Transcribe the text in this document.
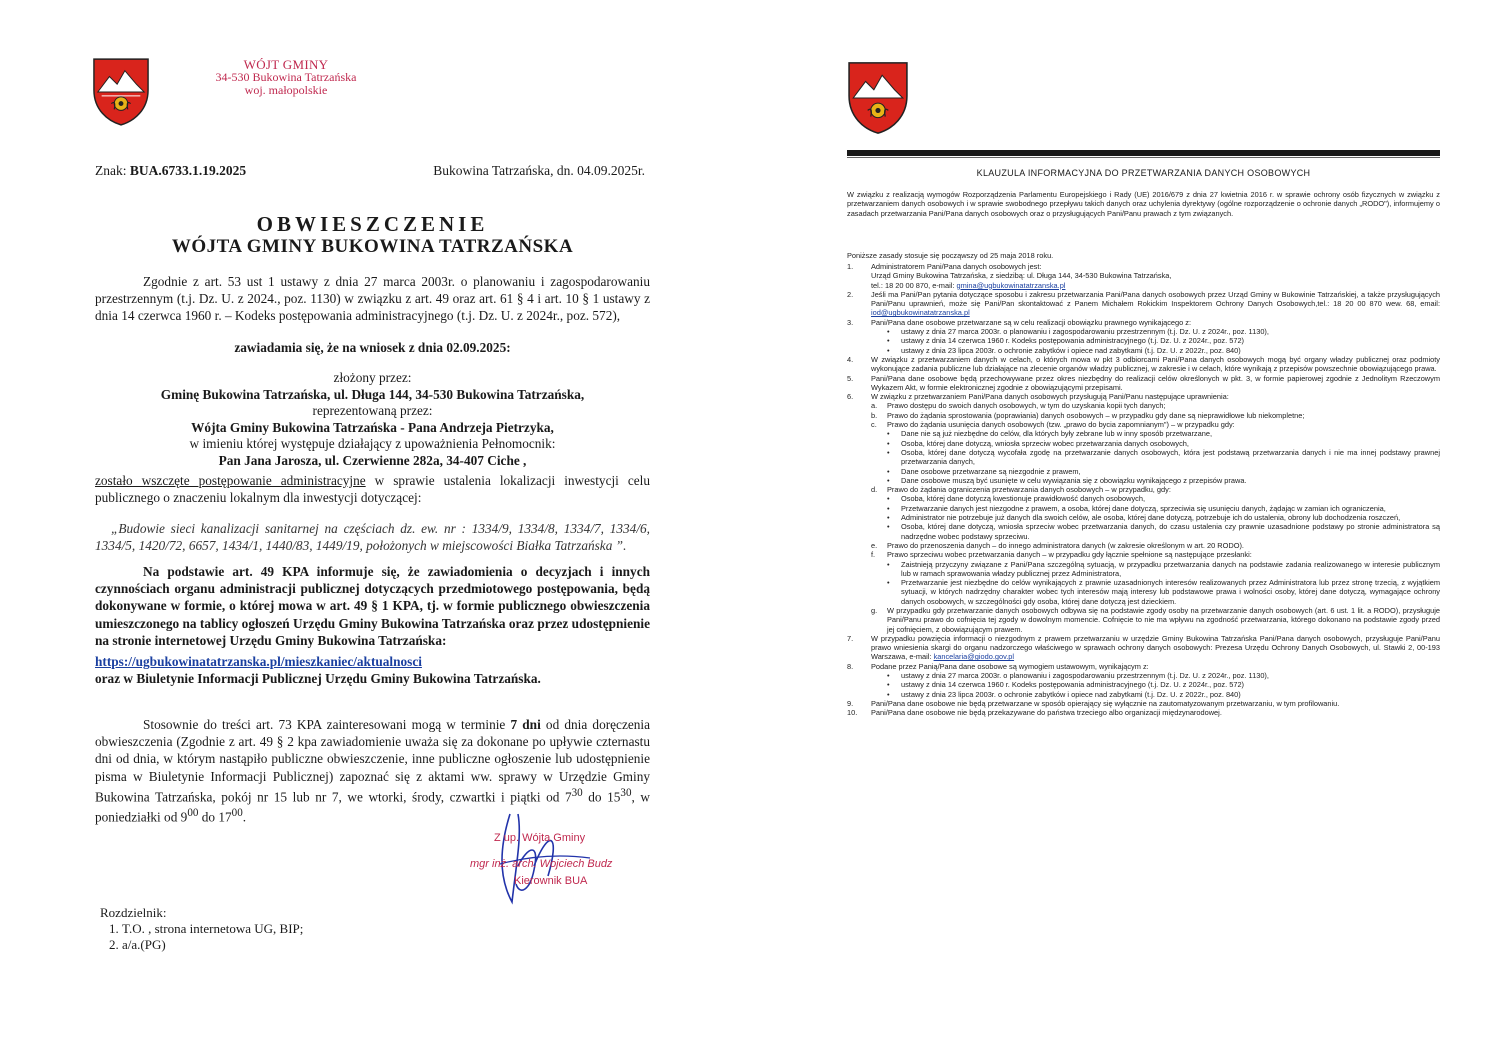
WÓJT GMINY
34-530 Bukowina Tatrzańska
woj. małopolskie
Znak: BUA.6733.1.19.2025	Bukowina Tatrzańska, dn. 04.09.2025r.
OBWIESZCZENIE
WÓJTA GMINY BUKOWINA TATRZAŃSKA
Zgodnie z art. 53 ust 1 ustawy z dnia 27 marca 2003r. o planowaniu i zagospodarowaniu przestrzennym (t.j. Dz. U. z 2024., poz. 1130) w związku z art. 49 oraz art. 61 § 4 i art. 10 § 1 ustawy z dnia 14 czerwca 1960 r. – Kodeks postępowania administracyjnego (t.j. Dz. U. z 2024r., poz. 572),
zawiadamia się, że na wniosek z dnia 02.09.2025:
złożony przez:
Gminę Bukowina Tatrzańska, ul. Długa 144, 34-530 Bukowina Tatrzańska,
reprezentowaną przez:
Wójta Gminy Bukowina Tatrzańska - Pana Andrzeja Pietrzyka,
w imieniu której występuje działający z upoważnienia Pełnomocnik:
Pan Jana Jarosza, ul. Czerwienne 282a, 34-407 Ciche ,
zostało wszczęte postępowanie administracyjne w sprawie ustalenia lokalizacji inwestycji celu publicznego o znaczeniu lokalnym dla inwestycji dotyczącej:
„Budowie sieci kanalizacji sanitarnej na częściach dz. ew. nr : 1334/9, 1334/8, 1334/7, 1334/6, 1334/5, 1420/72, 6657, 1434/1, 1440/83, 1449/19, położonych w miejscowości Białka Tatrzańska ”.
Na podstawie art. 49 KPA informuje się, że zawiadomienia o decyzjach i innych czynnościach organu administracji publicznej dotyczących przedmiotowego postępowania, będą dokonywane w formie, o której mowa w art. 49 § 1 KPA, tj. w formie publicznego obwieszczenia umieszczonego na tablicy ogłoszeń Urzędu Gminy Bukowina Tatrzańska oraz przez udostępnienie na stronie internetowej Urzędu Gminy Bukowina Tatrzańska:
https://ugbukowinatatrzanska.pl/mieszkaniec/aktualnosci
oraz w Biuletynie Informacji Publicznej Urzędu Gminy Bukowina Tatrzańska.
Stosownie do treści art. 73 KPA zainteresowani mogą w terminie 7 dni od dnia doręczenia obwieszczenia (Zgodnie z art. 49 § 2 kpa zawiadomienie uważa się za dokonane po upływie czternastu dni od dnia, w którym nastąpiło publiczne obwieszczenie, inne publiczne ogłoszenie lub udostępnienie pisma w Biuletynie Informacji Publicznej) zapoznać się z aktami ww. sprawy w Urzędzie Gminy Bukowina Tatrzańska, pokój nr 15 lub nr 7, we wtorki, środy, czwartki i piątki od $7^{30}$ do $15^{30}$, w poniedziałki od $9^{00}$ do $17^{00}$.
Z up. Wójta Gminy
mgr inż. arch. Wojciech Budz
Kierownik BUA
Rozdzielnik:
1. T.O. , strona internetowa UG, BIP;
2. a/a.(PG)
KLAUZULA INFORMACYJNA DO PRZETWARZANIA DANYCH OSOBOWYCH
W związku z realizacją wymogów Rozporządzenia Parlamentu Europejskiego i Rady (UE) 2016/679 z dnia 27 kwietnia 2016 r. w sprawie ochrony osób fizycznych w związku z przetwarzaniem danych osobowych i w sprawie swobodnego przepływu takich danych oraz uchylenia dyrektywy (ogólne rozporządzenie o ochronie danych „RODO"), informujemy o zasadach przetwarzania Pani/Pana danych osobowych oraz o przysługujących Pani/Panu prawach z tym związanych.
Poniższe zasady stosuje się począwszy od 25 maja 2018 roku.
1.	Administratorem Pani/Pana danych osobowych jest:
Urząd Gminy Bukowina Tatrzańska, z siedzibą: ul. Długa 144, 34-530 Bukowina Tatrzańska,
tel.: 18 20 00 870, e-mail: gmina@ugbukowinatatrzanska.pl
2.	Jeśli ma Pani/Pan pytania dotyczące sposobu i zakresu przetwarzania Pani/Pana danych osobowych przez Urząd Gminy w Bukowinie Tatrzańskiej, a także przysługujących Pani/Panu uprawnień, może się Pani/Pan skontaktować z Panem Michałem Rokickim Inspektorem Ochrony Danych Osobowych,tel.: 18 20 00 870 wew. 68, email: iod@ugbukowinatatrzanska.pl
3.	Pani/Pana dane osobowe przetwarzane są w celu realizacji obowiązku prawnego wynikającego z:
•	ustawy z dnia 27 marca 2003r. o planowaniu i zagospodarowaniu przestrzennym (t.j. Dz. U. z 2024r., poz. 1130),
•	ustawy z dnia 14 czerwca 1960 r. Kodeks postępowania administracyjnego (t.j. Dz. U. z 2024r., poz. 572)
•	ustawy z dnia 23 lipca 2003r. o ochronie zabytków i opiece nad zabytkami (t.j. Dz. U. z 2022r., poz. 840)
4.	W związku z przetwarzaniem danych w celach, o których mowa w pkt 3 odbiorcami Pani/Pana danych osobowych mogą być organy władzy publicznej oraz podmioty wykonujące zadania publiczne lub działające na zlecenie organów władzy publicznej, w zakresie i w celach, które wynikają z przepisów powszechnie obowiązującego prawa.
5.	Pani/Pana dane osobowe będą przechowywane przez okres niezbędny do realizacji celów określonych w pkt. 3, w formie papierowej zgodnie z Jednolitym Rzeczowym Wykazem Akt, w formie elektronicznej zgodnie z obowiązującymi przepisami.
6.	W związku z przetwarzaniem Pani/Pana danych osobowych przysługują Pani/Panu następujące uprawnienia:
a.	Prawo dostępu do swoich danych osobowych, w tym do uzyskania kopii tych danych;
b.	Prawo do żądania sprostowania (poprawiania) danych osobowych – w przypadku gdy dane są nieprawidłowe lub niekompletne;
c.	Prawo do żądania usunięcia danych osobowych (tzw. „prawo do bycia zapomnianym") – w przypadku gdy:
•	Dane nie są już niezbędne do celów, dla których były zebrane lub w inny sposób przetwarzane,
•	Osoba, której dane dotyczą, wniosła sprzeciw wobec przetwarzania danych osobowych,
•	Osoba, której dane dotyczą wycofała zgodę na przetwarzanie danych osobowych, która jest podstawą przetwarzania danych i nie ma innej podstawy prawnej przetwarzania danych,
•	Dane osobowe przetwarzane są niezgodnie z prawem,
•	Dane osobowe muszą być usunięte w celu wywiązania się z obowiązku wynikającego z przepisów prawa.
d.	Prawo do żądania ograniczenia przetwarzania danych osobowych – w przypadku, gdy:
•	Osoba, której dane dotyczą kwestionuje prawidłowość danych osobowych,
•	Przetwarzanie danych jest niezgodne z prawem, a osoba, której dane dotyczą, sprzeciwia się usunięciu danych, żądając w zamian ich ograniczenia,
•	Administrator nie potrzebuje już danych dla swoich celów, ale osoba, której dane dotyczą, potrzebuje ich do ustalenia, obrony lub dochodzenia roszczeń,
•	Osoba, której dane dotyczą, wniosła sprzeciw wobec przetwarzania danych, do czasu ustalenia czy prawnie uzasadnione podstawy po stronie administratora są nadrzędne wobec podstawy sprzeciwu.
e.	Prawo do przenoszenia danych – do innego administratora danych (w zakresie określonym w art. 20 RODO).
f.	Prawo sprzeciwu wobec przetwarzania danych – w przypadku gdy łącznie spełnione są następujące przesłanki:
•	Zaistnieją przyczyny związane z Pani/Pana szczególną sytuacją, w przypadku przetwarzania danych na podstawie zadania realizowanego w interesie publicznym lub w ramach sprawowania władzy publicznej przez Administratora,
•	Przetwarzanie jest niezbędne do celów wynikających z prawnie uzasadnionych interesów realizowanych przez Administratora lub przez stronę trzecią, z wyjątkiem sytuacji, w których nadrzędny charakter wobec tych interesów mają interesy lub podstawowe prawa i wolności osoby, której dane dotyczą, wymagające ochrony danych osobowych, w szczególności gdy osoba, której dane dotyczą jest dzieckiem.
g.	W przypadku gdy przetwarzanie danych osobowych odbywa się na podstawie zgody osoby na przetwarzanie danych osobowych (art. 6 ust. 1 lit. a RODO), przysługuje Pani/Panu prawo do cofnięcia tej zgody w dowolnym momencie. Cofnięcie to nie ma wpływu na zgodność przetwarzania, którego dokonano na podstawie zgody przed jej cofnięciem, z obowiązującym prawem.
7.	W przypadku powzięcia informacji o niezgodnym z prawem przetwarzaniu w urzędzie Gminy Bukowina Tatrzańska Pani/Pana danych osobowych, przysługuje Pani/Panu prawo wniesienia skargi do organu nadzorczego właściwego w sprawach ochrony danych osobowych: Prezesa Urzędu Ochrony Danych Osobowych, ul. Stawki 2, 00-193 Warszawa, e-mail: kancelaria@giodo.gov.pl
8.	Podane przez Panią/Pana dane osobowe są wymogiem ustawowym, wynikającym z:
•	ustawy z dnia 27 marca 2003r. o planowaniu i zagospodarowaniu przestrzennym (t.j. Dz. U. z 2024r., poz. 1130),
•	ustawy z dnia 14 czerwca 1960 r. Kodeks postępowania administracyjnego (t.j. Dz. U. z 2024r., poz. 572)
•	ustawy z dnia 23 lipca 2003r. o ochronie zabytków i opiece nad zabytkami (t.j. Dz. U. z 2022r., poz. 840)
9.	Pani/Pana dane osobowe nie będą przetwarzane w sposób opierający się wyłącznie na zautomatyzowanym przetwarzaniu, w tym profilowaniu.
10.	Pani/Pana dane osobowe nie będą przekazywane do państwa trzeciego albo organizacji międzynarodowej.
